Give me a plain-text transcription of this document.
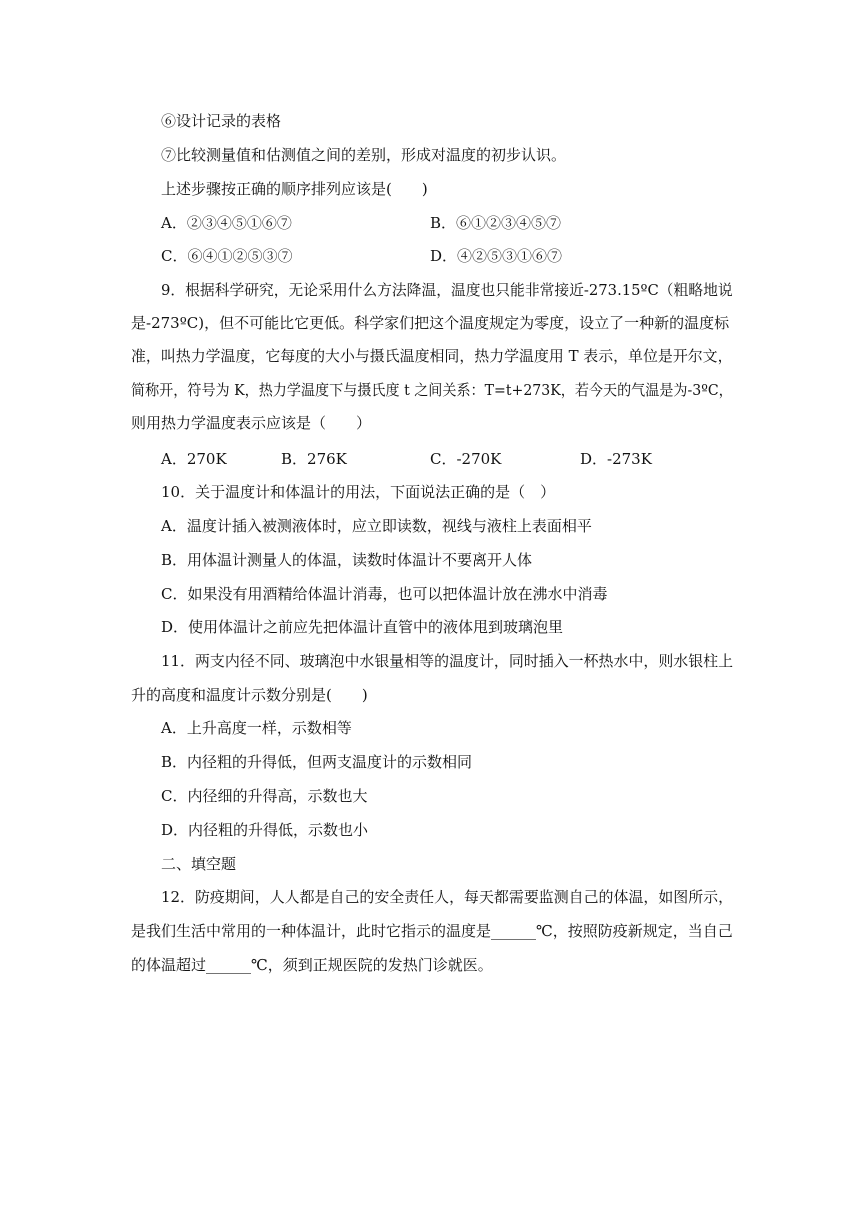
⑥设计记录的表格
⑦比较测量值和估测值之间的差别，形成对温度的初步认识。
上述步骤按正确的顺序排列应该是(　　)
A．②③④⑤①⑥⑦	B．⑥①②③④⑤⑦
C．⑥④①②⑤③⑦	D．④②⑤③①⑥⑦
9．根据科学研究，无论采用什么方法降温，温度也只能非常接近-273.15ºC（粗略地说
是-273ºC)，但不可能比它更低。科学家们把这个温度规定为零度，设立了一种新的温度标
准，叫热力学温度，它每度的大小与摄氏温度相同，热力学温度用 T 表示，单位是开尔文，
简称开，符号为 K，热力学温度下与摄氏度 t 之间关系：T=t+273K，若今天的气温是为-3ºC，
则用热力学温度表示应该是（　　）
A．270K	B．276K	C．-270K	D．-273K
10．关于温度计和体温计的用法，下面说法正确的是（　）
A．温度计插入被测液体时，应立即读数，视线与液柱上表面相平
B．用体温计测量人的体温，读数时体温计不要离开人体
C．如果没有用酒精给体温计消毒，也可以把体温计放在沸水中消毒
D．使用体温计之前应先把体温计直管中的液体甩到玻璃泡里
11．两支内径不同、玻璃泡中水银量相等的温度计，同时插入一杯热水中，则水银柱上
升的高度和温度计示数分别是(　　)
A．上升高度一样，示数相等
B．内径粗的升得低，但两支温度计的示数相同
C．内径细的升得高，示数也大
D．内径粗的升得低，示数也小
二、填空题
12．防疫期间，人人都是自己的安全责任人，每天都需要监测自己的体温，如图所示，
是我们生活中常用的一种体温计，此时它指示的温度是______℃，按照防疫新规定，当自己
的体温超过______℃，须到正规医院的发热门诊就医。
